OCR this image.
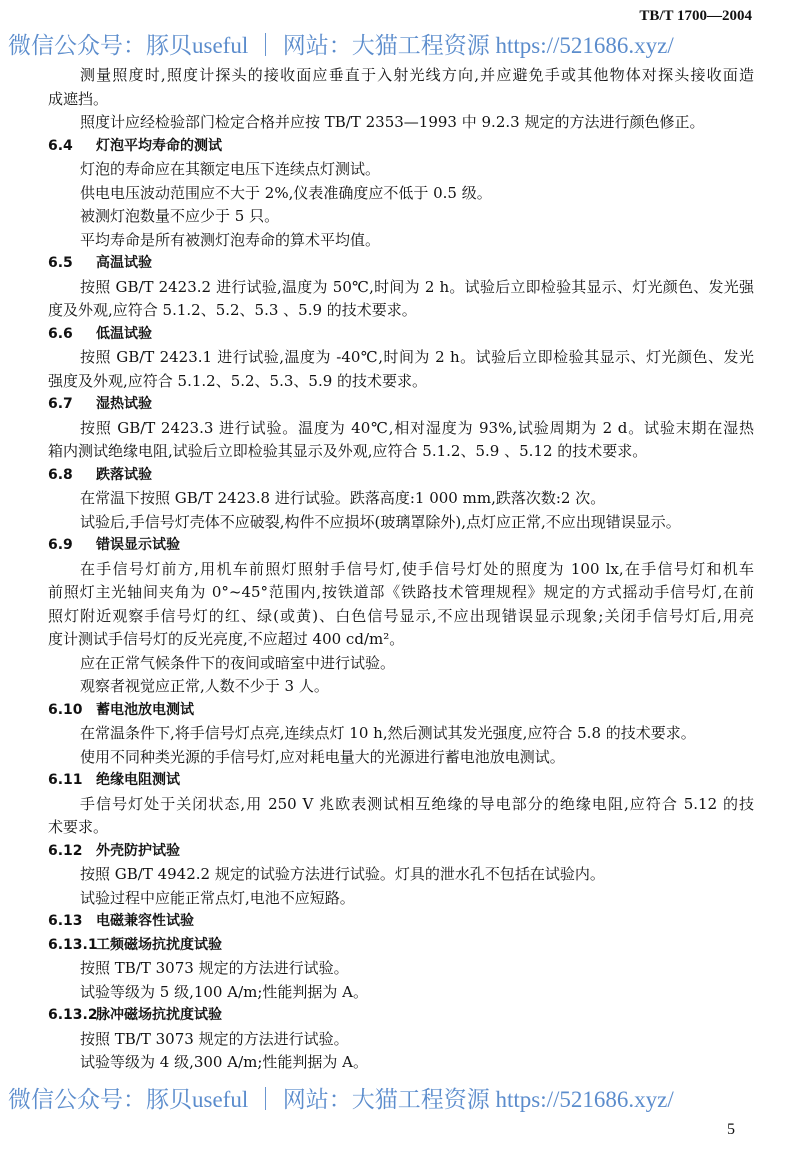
TB/T 1700—2004
微信公众号：豚贝useful ｜ 网站：大猫工程资源 https://521686.xyz/
测量照度时,照度计探头的接收面应垂直于入射光线方向,并应避免手或其他物体对探头接收面造
成遮挡。
照度计应经检验部门检定合格并应按 TB/T 2353—1993 中 9.2.3 规定的方法进行颜色修正。
6.4 灯泡平均寿命的测试
灯泡的寿命应在其额定电压下连续点灯测试。
供电电压波动范围应不大于 2%,仪表准确度应不低于 0.5 级。
被测灯泡数量不应少于 5 只。
平均寿命是所有被测灯泡寿命的算术平均值。
6.5 高温试验
按照 GB/T 2423.2 进行试验,温度为 50℃,时间为 2 h。试验后立即检验其显示、灯光颜色、发光强
度及外观,应符合 5.1.2、5.2、5.3 、5.9 的技术要求。
6.6 低温试验
按照 GB/T 2423.1 进行试验,温度为 -40℃,时间为 2 h。试验后立即检验其显示、灯光颜色、发光
强度及外观,应符合 5.1.2、5.2、5.3、5.9 的技术要求。
6.7 湿热试验
按照 GB/T 2423.3 进行试验。温度为 40℃,相对湿度为 93%,试验周期为 2 d。试验末期在湿热
箱内测试绝缘电阻,试验后立即检验其显示及外观,应符合 5.1.2、5.9 、5.12 的技术要求。
6.8 跌落试验
在常温下按照 GB/T 2423.8 进行试验。跌落高度:1 000 mm,跌落次数:2 次。
试验后,手信号灯壳体不应破裂,构件不应损坏(玻璃罩除外),点灯应正常,不应出现错误显示。
6.9 错误显示试验
在手信号灯前方,用机车前照灯照射手信号灯,使手信号灯处的照度为 100 lx,在手信号灯和机车
前照灯主光轴间夹角为 0°~45°范围内,按铁道部《铁路技术管理规程》规定的方式摇动手信号灯,在前
照灯附近观察手信号灯的红、绿(或黄)、白色信号显示,不应出现错误显示现象;关闭手信号灯后,用亮
度计测试手信号灯的反光亮度,不应超过 400 cd/m²。
应在正常气候条件下的夜间或暗室中进行试验。
观察者视觉应正常,人数不少于 3 人。
6.10 蓄电池放电测试
在常温条件下,将手信号灯点亮,连续点灯 10 h,然后测试其发光强度,应符合 5.8 的技术要求。
使用不同种类光源的手信号灯,应对耗电量大的光源进行蓄电池放电测试。
6.11 绝缘电阻测试
手信号灯处于关闭状态,用 250 V 兆欧表测试相互绝缘的导电部分的绝缘电阻,应符合 5.12 的技
术要求。
6.12 外壳防护试验
按照 GB/T 4942.2 规定的试验方法进行试验。灯具的泄水孔不包括在试验内。
试验过程中应能正常点灯,电池不应短路。
6.13 电磁兼容性试验
6.13.1工频磁场抗扰度试验
按照 TB/T 3073 规定的方法进行试验。
试验等级为 5 级,100 A/m;性能判据为 A。
6.13.2脉冲磁场抗扰度试验
按照 TB/T 3073 规定的方法进行试验。
试验等级为 4 级,300 A/m;性能判据为 A。
微信公众号：豚贝useful ｜ 网站：大猫工程资源 https://521686.xyz/
5
